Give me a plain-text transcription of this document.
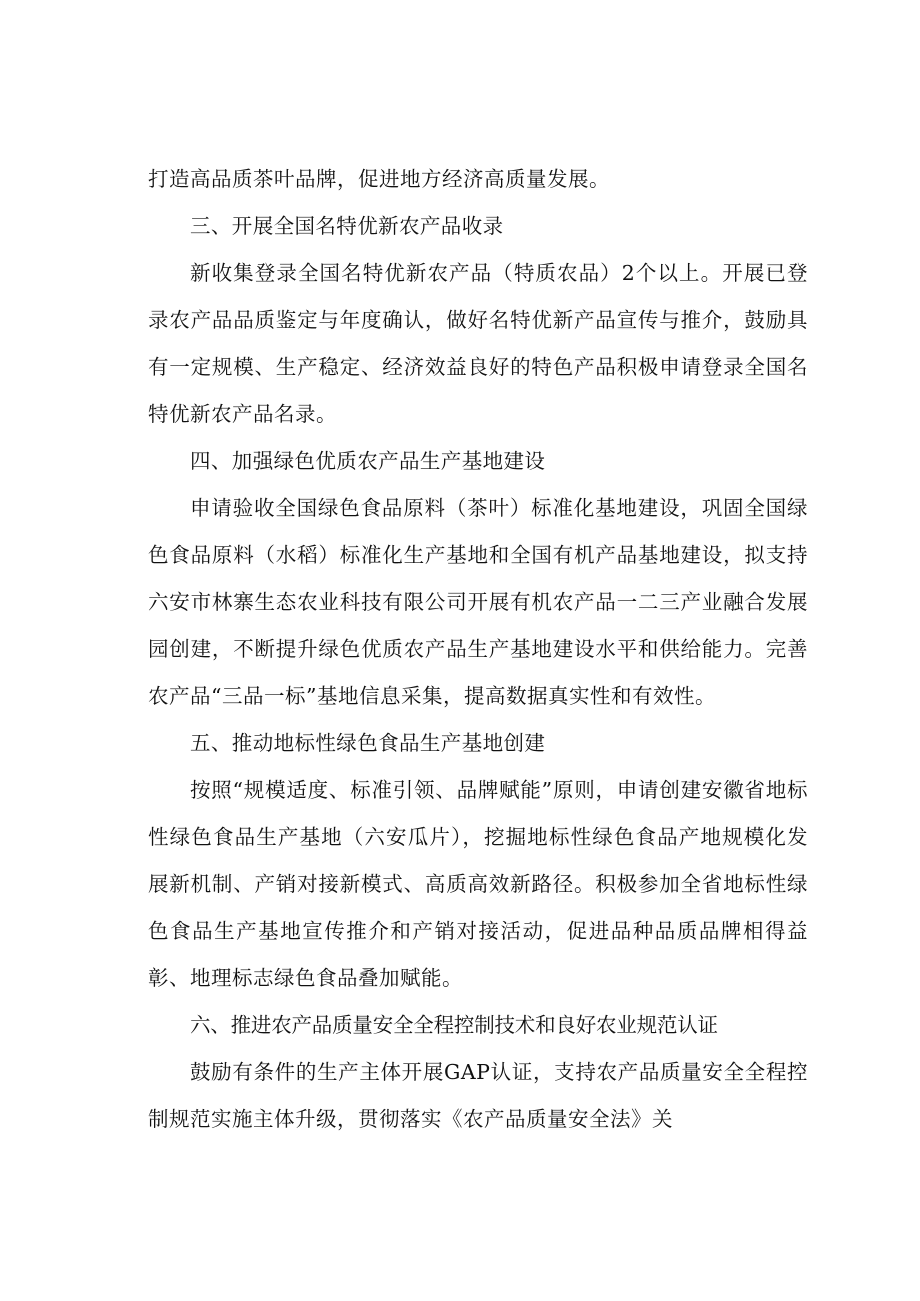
打造高品质茶叶品牌，促进地方经济高质量发展。

三、开展全国名特优新农产品收录

新收集登录全国名特优新农产品（特质农品）2个以上。开展已登录农产品品质鉴定与年度确认，做好名特优新产品宣传与推介，鼓励具有一定规模、生产稳定、经济效益良好的特色产品积极申请登录全国名特优新农产品名录。

四、加强绿色优质农产品生产基地建设

申请验收全国绿色食品原料（茶叶）标准化基地建设，巩固全国绿色食品原料（水稻）标准化生产基地和全国有机产品基地建设，拟支持六安市林寨生态农业科技有限公司开展有机农产品一二三产业融合发展园创建，不断提升绿色优质农产品生产基地建设水平和供给能力。完善农产品“三品一标”基地信息采集，提高数据真实性和有效性。

五、推动地标性绿色食品生产基地创建

按照“规模适度、标准引领、品牌赋能”原则，申请创建安徽省地标性绿色食品生产基地（六安瓜片），挖掘地标性绿色食品产地规模化发展新机制、产销对接新模式、高质高效新路径。积极参加全省地标性绿色食品生产基地宣传推介和产销对接活动，促进品种品质品牌相得益彰、地理标志绿色食品叠加赋能。

六、推进农产品质量安全全程控制技术和良好农业规范认证

鼓励有条件的生产主体开展GAP认证，支持农产品质量安全全程控制规范实施主体升级，贯彻落实《农产品质量安全法》关
